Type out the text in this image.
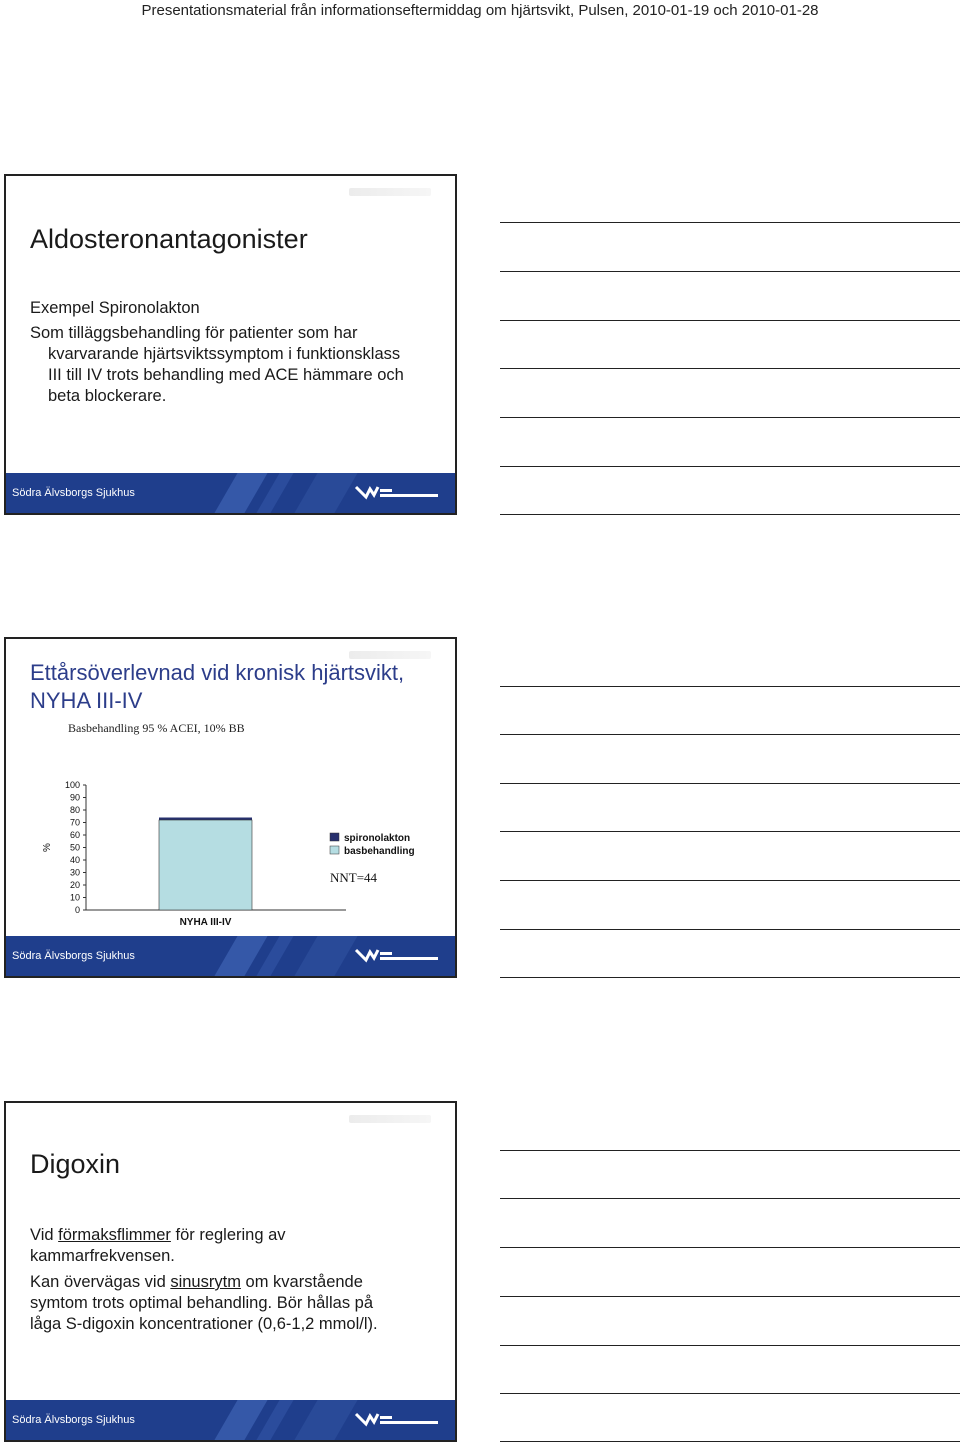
Presentationsmaterial från informationseftermiddag om hjärtsvikt, Pulsen, 2010-01-19 och 2010-01-28
Aldosteronantagonister
Exempel Spironolakton
Som tilläggsbehandling för patienter som har
kvarvarande hjärtsviktssymptom i funktionsklass
III till IV trots behandling med ACE hämmare och
beta blockerare.
Södra Älvsborgs Sjukhus
Ettårsöverlevnad vid kronisk hjärtsvikt,
NYHA III-IV
Basbehandling 95 % ACEI, 10% BB
0
10
20
30
40
50
60
70
80
90
100
%
NYHA III-IV
spironolakton
basbehandling
NNT=44
Södra Älvsborgs Sjukhus
Digoxin
Vid förmaksflimmer för reglering av
kammarfrekvensen.
Kan övervägas vid sinusrytm om kvarstående
symtom trots optimal behandling. Bör hållas på
låga S-digoxin koncentrationer (0,6-1,2 mmol/l).
Södra Älvsborgs Sjukhus
